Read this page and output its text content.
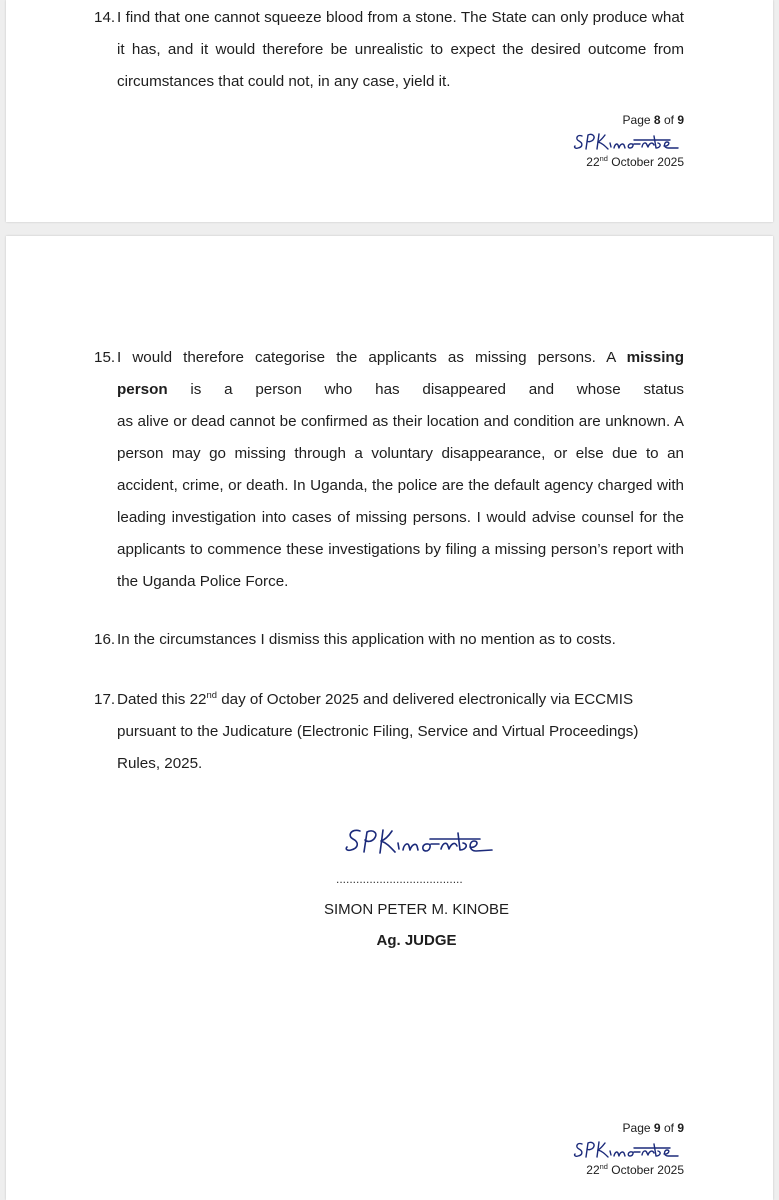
14. I find that one cannot squeeze blood from a stone. The State can only produce what it has, and it would therefore be unrealistic to expect the desired outcome from circumstances that could not, in any case, yield it.

Page 8 of 9
22nd October 2025
15. I would therefore categorise the applicants as missing persons. A missing

person is a person who has disappeared and whose status

as alive or dead cannot be confirmed as their location and condition are unknown. A person may go missing through a voluntary disappearance, or else due to an accident, crime, or death. In Uganda, the police are the default agency charged with leading investigation into cases of missing persons. I would advise counsel for the applicants to commence these investigations by filing a missing person’s report with the Uganda Police Force.

16. In the circumstances I dismiss this application with no mention as to costs.

17. Dated this 22nd day of October 2025 and delivered electronically via ECCMIS pursuant to the Judicature (Electronic Filing, Service and Virtual Proceedings) Rules, 2025.

......................................
SIMON PETER M. KINOBE
Ag. JUDGE
Page 9 of 9
22nd October 2025
